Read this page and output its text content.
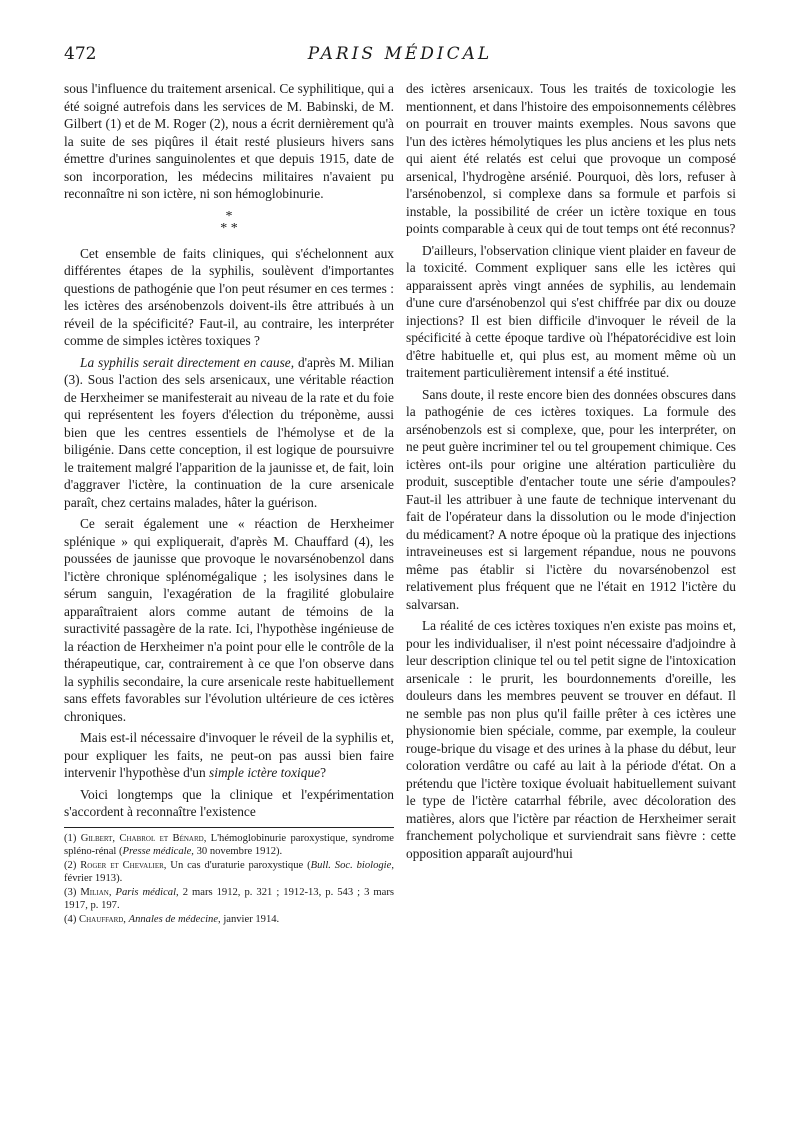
472	PARIS MÉDICAL

sous l'influence du traitement arsenical. Ce syphilitique, qui a été soigné autrefois dans les services de M. Babinski, de M. Gilbert (1) et de M. Roger (2), nous a écrit dernièrement qu'à la suite de ses piqûres il était resté plusieurs hivers sans émettre d'urines sanguinolentes et que depuis 1915, date de son incorporation, les médecins militaires n'avaient pu reconnaître ni son ictère, ni son hémoglobinurie.

*
* *

Cet ensemble de faits cliniques, qui s'échelonnent aux différentes étapes de la syphilis, soulèvent d'importantes questions de pathogénie que l'on peut résumer en ces termes : les ictères des arsénobenzols doivent-ils être attribués à un réveil de la spécificité? Faut-il, au contraire, les interpréter comme de simples ictères toxiques ?

La syphilis serait directement en cause, d'après M. Milian (3). Sous l'action des sels arsenicaux, une véritable réaction de Herxheimer se manifesterait au niveau de la rate et du foie qui représentent les foyers d'élection du tréponème, aussi bien que les centres essentiels de l'hémolyse et de la biligénie. Dans cette conception, il est logique de poursuivre le traitement malgré l'apparition de la jaunisse et, de fait, loin d'aggraver l'ictère, la continuation de la cure arsenicale paraît, chez certains malades, hâter la guérison.

Ce serait également une « réaction de Herxheimer splénique » qui expliquerait, d'après M. Chauffard (4), les poussées de jaunisse que provoque le novarsénobenzol dans l'ictère chronique splénomégalique ; les isolysines dans le sérum sanguin, l'exagération de la fragilité globulaire apparaîtraient alors comme autant de témoins de la suractivité passagère de la rate. Ici, l'hypothèse ingénieuse de la réaction de Herxheimer n'a point pour elle le contrôle de la thérapeutique, car, contrairement à ce que l'on observe dans la syphilis secondaire, la cure arsenicale reste habituellement sans effets favorables sur l'évolution ultérieure de ces ictères chroniques.

Mais est-il nécessaire d'invoquer le réveil de la syphilis et, pour expliquer les faits, ne peut-on pas aussi bien faire intervenir l'hypothèse d'un simple ictère toxique?

Voici longtemps que la clinique et l'expérimentation s'accordent à reconnaître l'existence

(1) Gilbert, Chabrol et Bénard, L'hémoglobinurie paroxystique, syndrome spléno-rénal (Presse médicale, 30 novembre 1912).

(2) Roger et Chevalier, Un cas d'uraturie paroxystique (Bull. Soc. biologie, février 1913).

(3) Milian, Paris médical, 2 mars 1912, p. 321 ; 1912-13, p. 543 ; 3 mars 1917, p. 197.

(4) Chauffard, Annales de médecine, janvier 1914.

des ictères arsenicaux. Tous les traités de toxicologie les mentionnent, et dans l'histoire des empoisonnements célèbres on pourrait en trouver maints exemples. Nous savons que l'un des ictères hémolytiques les plus anciens et les plus nets qui aient été relatés est celui que provoque un composé arsenical, l'hydrogène arsénié. Pourquoi, dès lors, refuser à l'arsénobenzol, si complexe dans sa formule et parfois si instable, la possibilité de créer un ictère toxique en tous points comparable à ceux qui de tout temps ont été reconnus?

D'ailleurs, l'observation clinique vient plaider en faveur de la toxicité. Comment expliquer sans elle les ictères qui apparaissent après vingt années de syphilis, au lendemain d'une cure d'arsénobenzol qui s'est chiffrée par dix ou douze injections? Il est bien difficile d'invoquer le réveil de la spécificité à cette époque tardive où l'hépatorécidive est loin d'être habituelle et, qui plus est, au moment même où un traitement particulièrement intensif a été institué.

Sans doute, il reste encore bien des données obscures dans la pathogénie de ces ictères toxiques. La formule des arsénobenzols est si complexe, que, pour les interpréter, on ne peut guère incriminer tel ou tel groupement chimique. Ces ictères ont-ils pour origine une altération particulière du produit, susceptible d'entacher toute une série d'ampoules? Faut-il les attribuer à une faute de technique intervenant du fait de l'opérateur dans la dissolution ou le mode d'injection du médicament? A notre époque où la pratique des injections intraveineuses est si largement répandue, nous ne pouvons même pas établir si l'ictère du novarsénobenzol est relativement plus fréquent que ne l'était en 1912 l'ictère du salvarsan.

La réalité de ces ictères toxiques n'en existe pas moins et, pour les individualiser, il n'est point nécessaire d'adjoindre à leur description clinique tel ou tel petit signe de l'intoxication arsenicale : le prurit, les bourdonnements d'oreille, les douleurs dans les membres peuvent se trouver en défaut. Il ne semble pas non plus qu'il faille prêter à ces ictères une physionomie bien spéciale, comme, par exemple, la couleur rouge-brique du visage et des urines à la phase du début, leur coloration verdâtre ou café au lait à la période d'état. On a prétendu que l'ictère toxique évoluait habituellement suivant le type de l'ictère catarrhal fébrile, avec décoloration des matières, alors que l'ictère par réaction de Herxheimer serait franchement polycholique et surviendrait sans fièvre : cette opposition apparaît aujourd'hui
